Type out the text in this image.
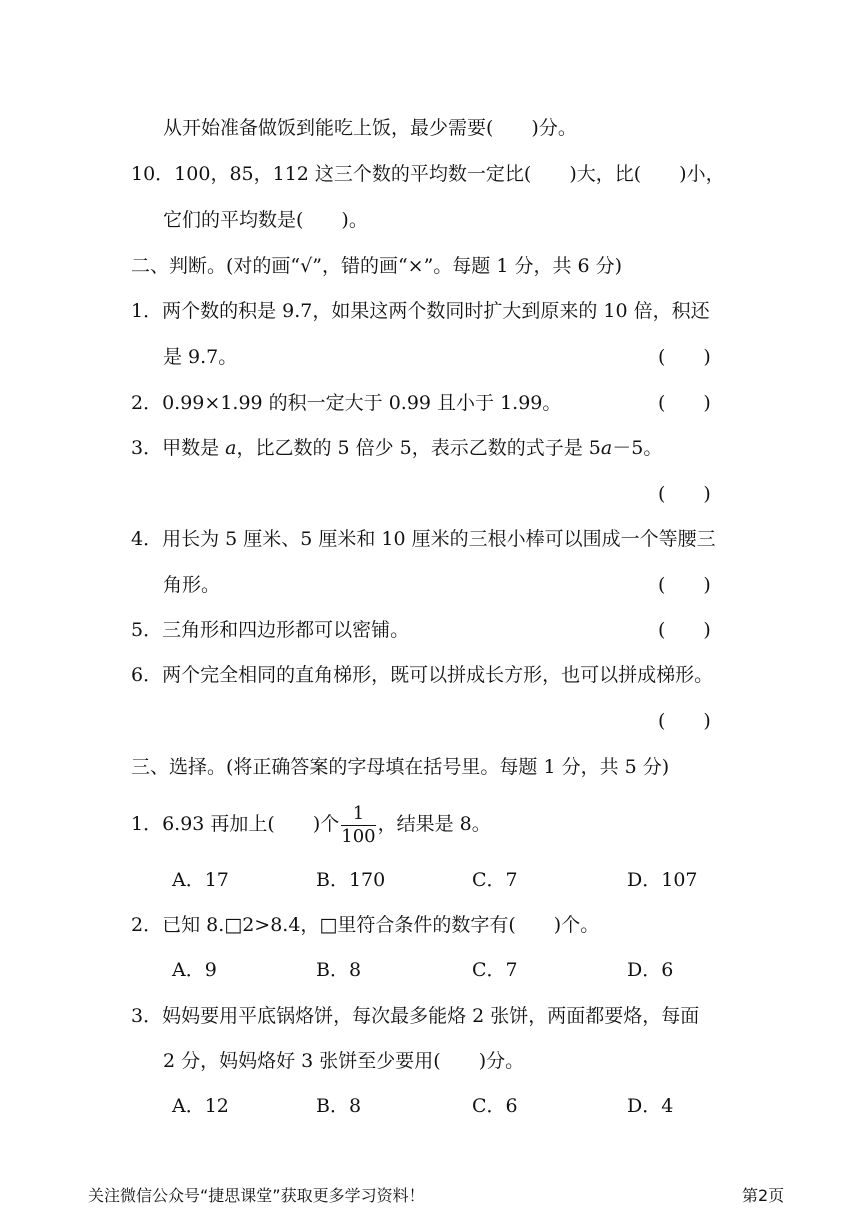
从开始准备做饭到能吃上饭，最少需要(　　)分。
10．100，85，112 这三个数的平均数一定比(　　)大，比(　　)小，
它们的平均数是(　　)。
二、判断。(对的画“√”，错的画“×”。每题 1 分，共 6 分)
1．两个数的积是 9.7，如果这两个数同时扩大到原来的 10 倍，积还
是 9.7。	(　　)
2．0.99×1.99 的积一定大于 0.99 且小于 1.99。	(　　)
3．甲数是 a，比乙数的 5 倍少 5，表示乙数的式子是 5a－5。
(　　)
4．用长为 5 厘米、5 厘米和 10 厘米的三根小棒可以围成一个等腰三
角形。	(　　)
5．三角形和四边形都可以密铺。	(　　)
6．两个完全相同的直角梯形，既可以拼成长方形，也可以拼成梯形。
(　　)
三、选择。(将正确答案的字母填在括号里。每题 1 分，共 5 分)
1．6.93 再加上(　　)个 $\frac{1}{100}$ ，结果是 8。
A．17	B．170	C．7	D．107
2．已知 8.□2>8.4，□里符合条件的数字有(　　)个。
A．9	B．8	C．7	D．6
3．妈妈要用平底锅烙饼，每次最多能烙 2 张饼，两面都要烙，每面
2 分，妈妈烙好 3 张饼至少要用(　　)分。
A．12	B．8	C．6	D．4
关注微信公众号“捷思课堂”获取更多学习资料！	第2页
